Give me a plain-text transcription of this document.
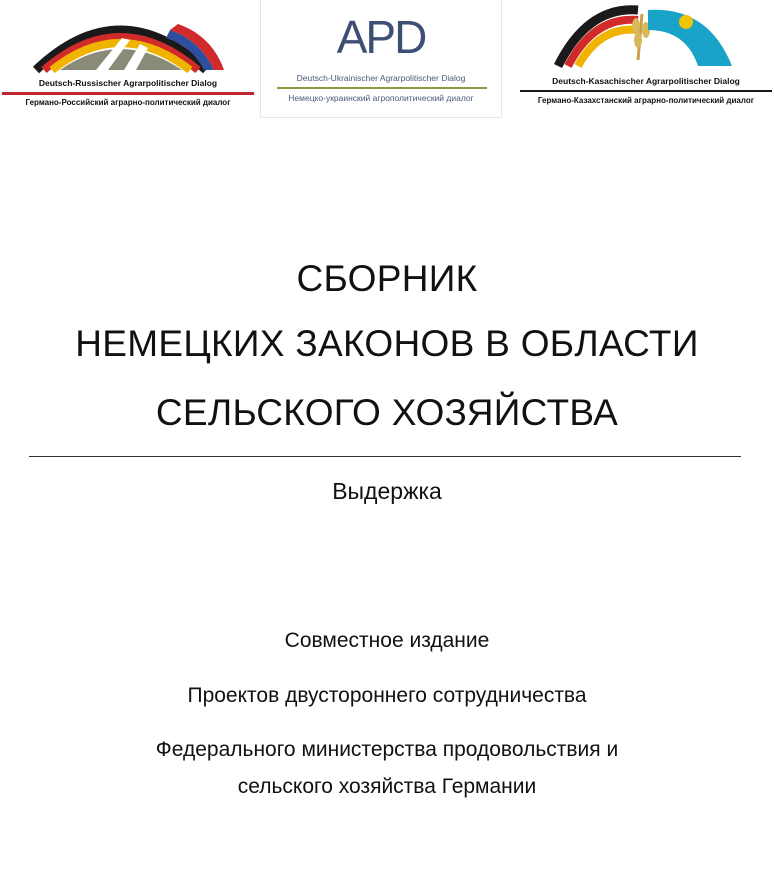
Deutsch-Russischer Agrarpolitischer Dialog
Германо-Российский аграрно-политический диалог
APD
Deutsch-Ukrainischer Agrarpolitischer Dialog
Немецко-украинский агрополитический диалог
Deutsch-Kasachischer Agrarpolitischer Dialog
Германо-Казахстанский аграрно-политический диалог
СБОРНИК
НЕМЕЦКИХ ЗАКОНОВ В ОБЛАСТИ
СЕЛЬСКОГО ХОЗЯЙСТВА
Выдержка
Совместное издание
Проектов двустороннего сотрудничества
Федерального министерства продовольствия и
сельского хозяйства Германии
